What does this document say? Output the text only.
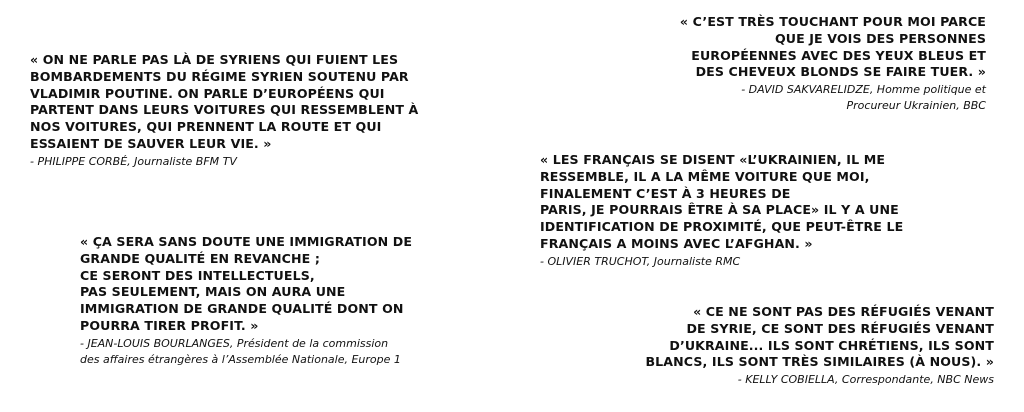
« ON NE PARLE PAS LÀ DE SYRIENS QUI FUIENT LES
BOMBARDEMENTS DU RÉGIME SYRIEN SOUTENU PAR
VLADIMIR POUTINE. ON PARLE D’EUROPÉENS QUI
PARTENT DANS LEURS VOITURES QUI RESSEMBLENT À
NOS VOITURES, QUI PRENNENT LA ROUTE ET QUI
ESSAIENT DE SAUVER LEUR VIE. »

- PHILIPPE CORBÉ, Journaliste BFM TV

« C’EST TRÈS TOUCHANT POUR MOI PARCE
QUE JE VOIS DES PERSONNES
EUROPÉENNES AVEC DES YEUX BLEUS ET
DES CHEVEUX BLONDS SE FAIRE TUER. »

- DAVID SAKVARELIDZE, Homme politique et
Procureur Ukrainien, BBC

« LES FRANÇAIS SE DISENT «L’UKRAINIEN, IL ME
RESSEMBLE, IL A LA MÊME VOITURE QUE MOI,
FINALEMENT C’EST À 3 HEURES DE
PARIS, JE POURRAIS ÊTRE À SA PLACE» IL Y A UNE
IDENTIFICATION DE PROXIMITÉ, QUE PEUT-ÊTRE LE
FRANÇAIS A MOINS AVEC L’AFGHAN. »

- OLIVIER TRUCHOT, Journaliste RMC

« ÇA SERA SANS DOUTE UNE IMMIGRATION DE
GRANDE QUALITÉ EN REVANCHE ;
CE SERONT DES INTELLECTUELS,
PAS SEULEMENT, MAIS ON AURA UNE
IMMIGRATION DE GRANDE QUALITÉ DONT ON
POURRA TIRER PROFIT. »

- JEAN-LOUIS BOURLANGES, Président de la commission
des affaires étrangères à l’Assemblée Nationale, Europe 1

« CE NE SONT PAS DES RÉFUGIÉS VENANT
DE SYRIE, CE SONT DES RÉFUGIÉS VENANT
D’UKRAINE... ILS SONT CHRÉTIENS, ILS SONT
BLANCS, ILS SONT TRÈS SIMILAIRES (À NOUS). »

- KELLY COBIELLA, Correspondante, NBC News
